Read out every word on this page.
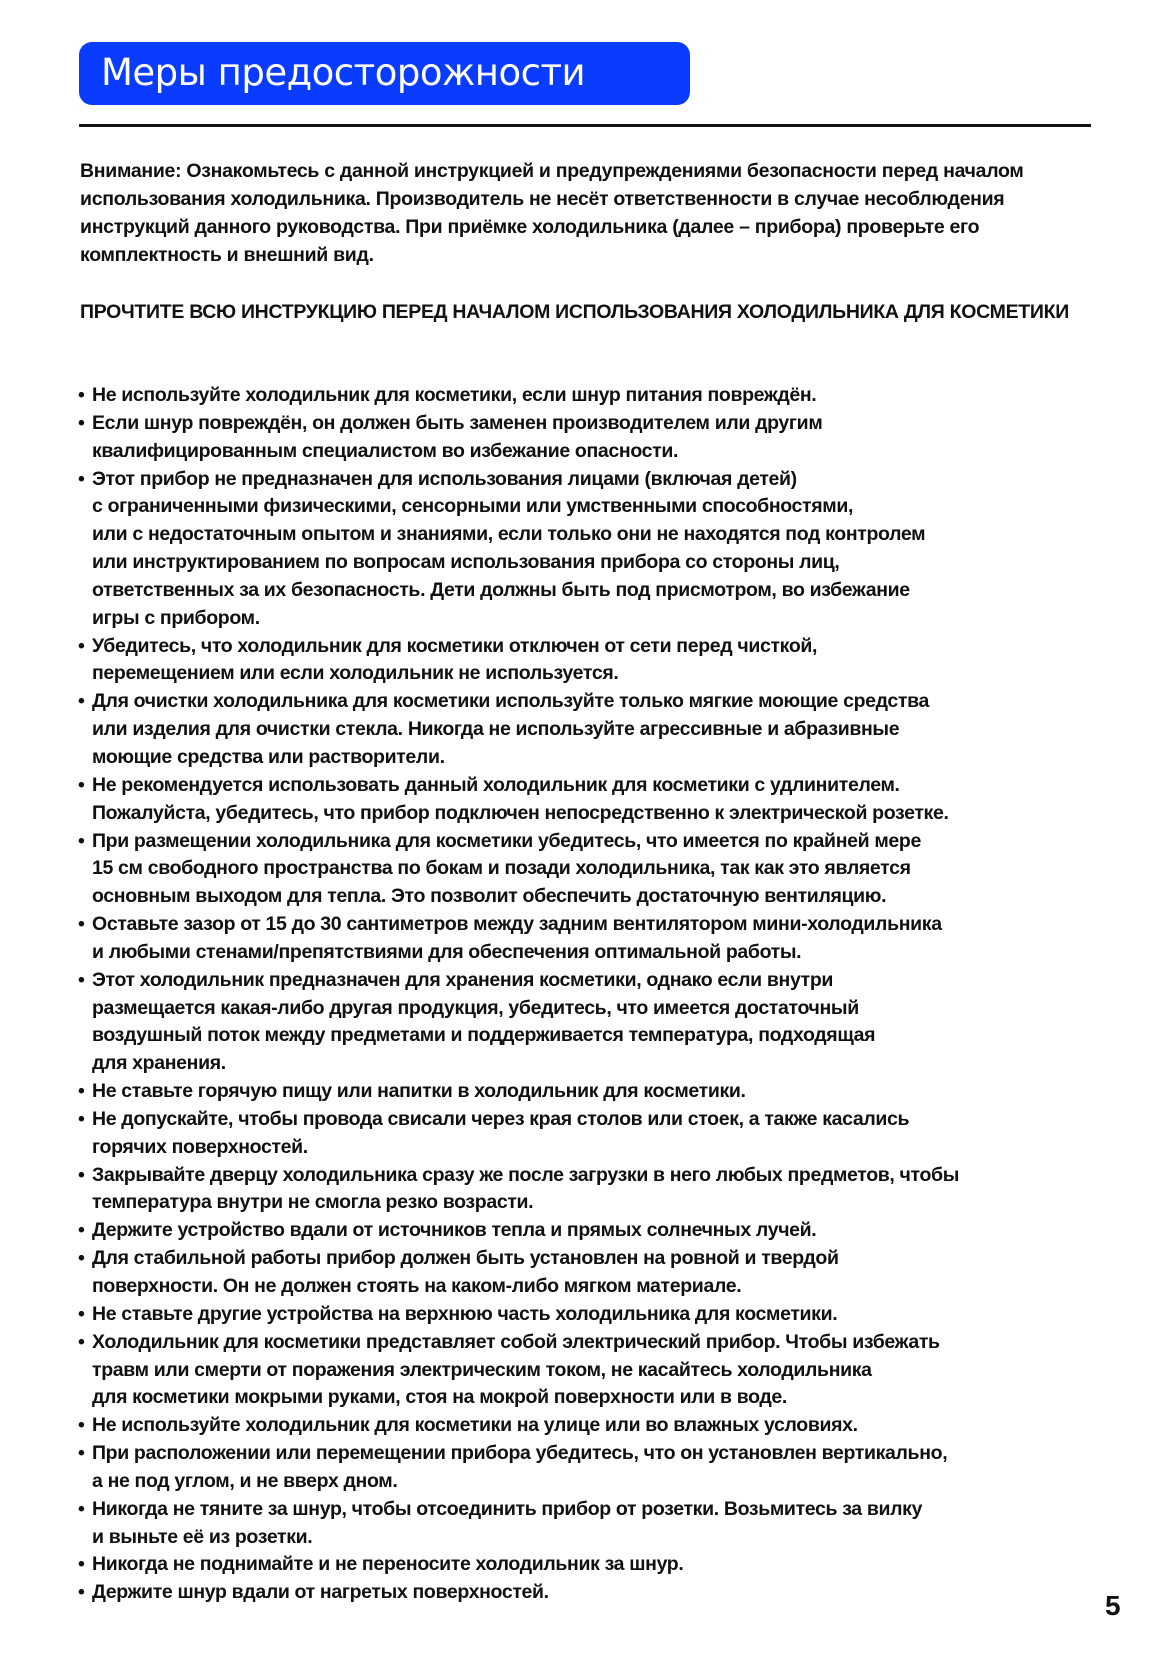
Меры предосторожности
Внимание: Ознакомьтесь с данной инструкцией и предупреждениями безопасности перед началом использования холодильника. Производитель не несёт ответственности в случае несоблюдения инструкций данного руководства. При приёмке холодильника (далее – прибора) проверьте его комплектность и внешний вид.
ПРОЧТИТЕ ВСЮ ИНСТРУКЦИЮ ПЕРЕД НАЧАЛОМ ИСПОЛЬЗОВАНИЯ ХОЛОДИЛЬНИКА ДЛЯ КОСМЕТИКИ
• Не используйте холодильник для косметики, если шнур питания повреждён.
• Если шнур повреждён, он должен быть заменен производителем или другим
квалифицированным специалистом во избежание опасности.
• Этот прибор не предназначен для использования лицами (включая детей)
с ограниченными физическими, сенсорными или умственными способностями,
или с недостаточным опытом и знаниями, если только они не находятся под контролем
или инструктированием по вопросам использования прибора со стороны лиц,
ответственных за их безопасность. Дети должны быть под присмотром, во избежание
игры с прибором.
• Убедитесь, что холодильник для косметики отключен от сети перед чисткой,
перемещением или если холодильник не используется.
• Для очистки холодильника для косметики используйте только мягкие моющие средства
или изделия для очистки стекла. Никогда не используйте агрессивные и абразивные
моющие средства или растворители.
• Не рекомендуется использовать данный холодильник для косметики с удлинителем.
Пожалуйста, убедитесь, что прибор подключен непосредственно к электрической розетке.
• При размещении холодильника для косметики убедитесь, что имеется по крайней мере
15 см свободного пространства по бокам и позади холодильника, так как это является
основным выходом для тепла. Это позволит обеспечить достаточную вентиляцию.
• Оставьте зазор от 15 до 30 сантиметров между задним вентилятором мини-холодильника
и любыми стенами/препятствиями для обеспечения оптимальной работы.
• Этот холодильник предназначен для хранения косметики, однако если внутри
размещается какая-либо другая продукция, убедитесь, что имеется достаточный
воздушный поток между предметами и поддерживается температура, подходящая
для хранения.
• Не ставьте горячую пищу или напитки в холодильник для косметики.
• Не допускайте, чтобы провода свисали через края столов или стоек, а также касались
горячих поверхностей.
• Закрывайте дверцу холодильника сразу же после загрузки в него любых предметов, чтобы
температура внутри не смогла резко возрасти.
• Держите устройство вдали от источников тепла и прямых солнечных лучей.
• Для стабильной работы прибор должен быть установлен на ровной и твердой
поверхности. Он не должен стоять на каком-либо мягком материале.
• Не ставьте другие устройства на верхнюю часть холодильника для косметики.
• Холодильник для косметики представляет собой электрический прибор. Чтобы избежать
травм или смерти от поражения электрическим током, не касайтесь холодильника
для косметики мокрыми руками, стоя на мокрой поверхности или в воде.
• Не используйте холодильник для косметики на улице или во влажных условиях.
• При расположении или перемещении прибора убедитесь, что он установлен вертикально,
а не под углом, и не вверх дном.
• Никогда не тяните за шнур, чтобы отсоединить прибор от розетки. Возьмитесь за вилку
и выньте её из розетки.
• Никогда не поднимайте и не переносите холодильник за шнур.
• Держите шнур вдали от нагретых поверхностей.	5
